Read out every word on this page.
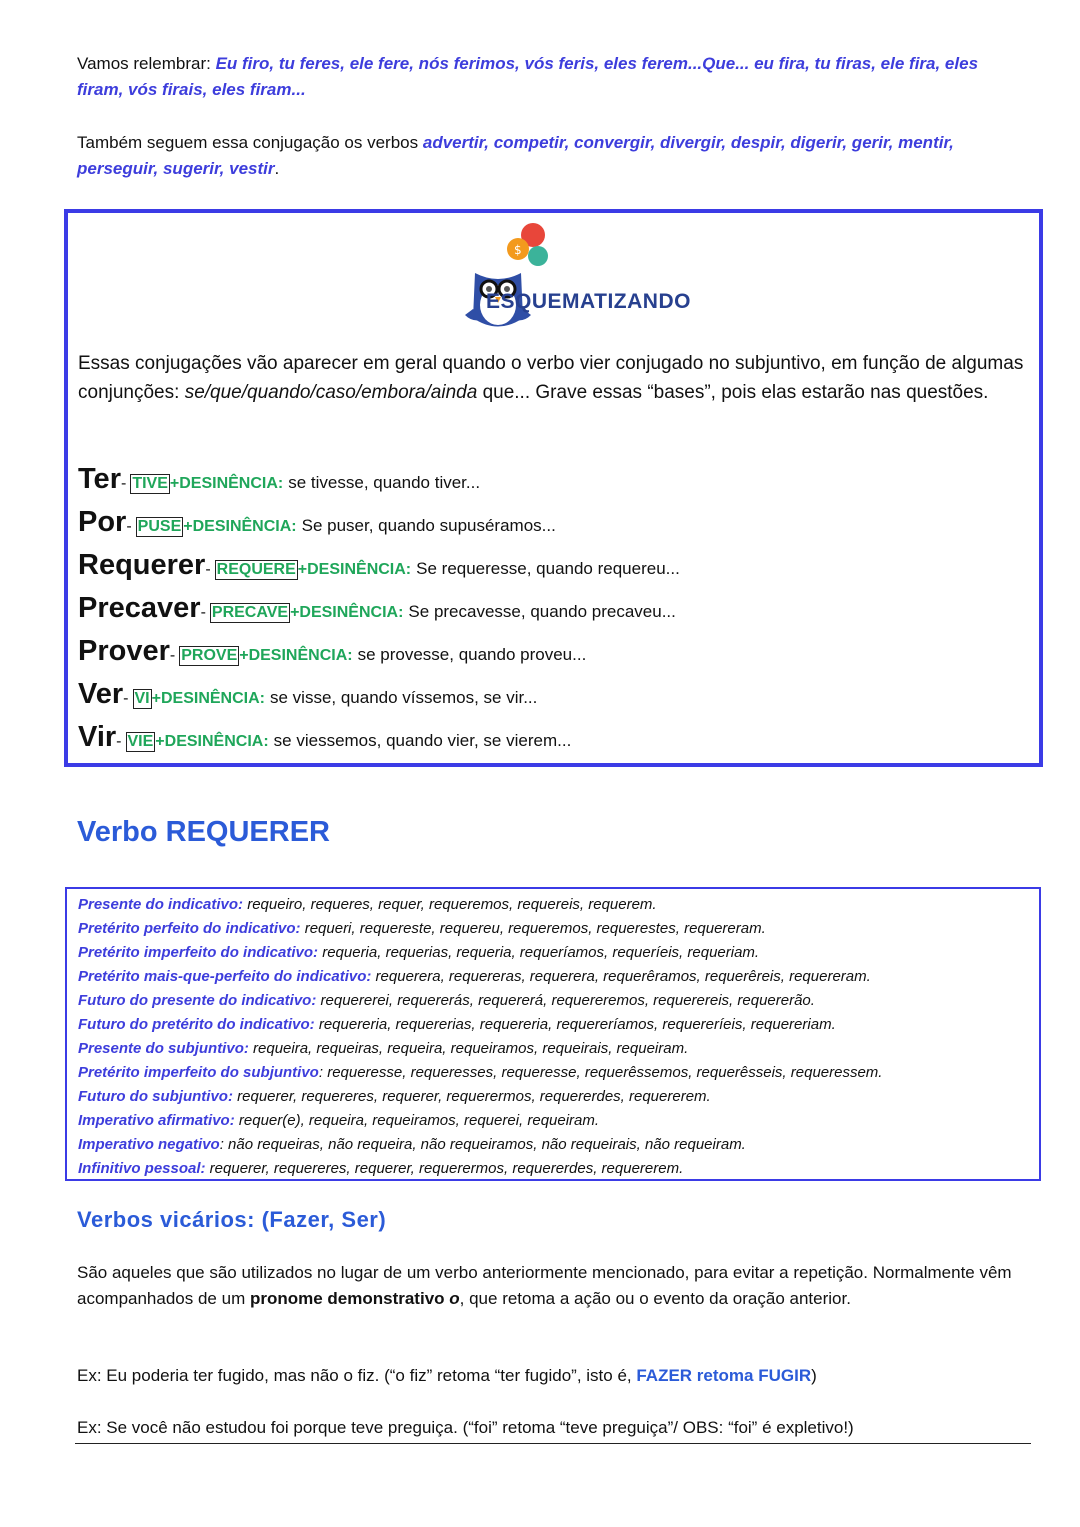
Vamos relembrar: Eu firo, tu feres, ele fere, nós ferimos, vós feris, eles ferem...Que... eu fira, tu firas, ele fira, eles firam, vós firais, eles firam...
Também seguem essa conjugação os verbos advertir, competir, convergir, divergir, despir, digerir, gerir, mentir, perseguir, sugerir, vestir.
$
ESQUEMATIZANDO
Essas conjugações vão aparecer em geral quando o verbo vier conjugado no subjuntivo, em função de algumas conjunções: se/que/quando/caso/embora/ainda que... Grave essas “bases”, pois elas estarão nas questões.
Ter - TIVE +DESINÊNCIA: se tivesse, quando tiver...
Por - PUSE +DESINÊNCIA: Se puser, quando supuséramos...
Requerer - REQUERE +DESINÊNCIA: Se requeresse, quando requereu...
Precaver - PRECAVE +DESINÊNCIA: Se precavesse, quando precaveu...
Prover - PROVE +DESINÊNCIA: se provesse, quando proveu...
Ver - VI +DESINÊNCIA: se visse, quando víssemos, se vir...
Vir - VIE +DESINÊNCIA: se viessemos, quando vier, se vierem...
Verbo REQUERER
Presente do indicativo: requeiro, requeres, requer, requeremos, requereis, requerem.
Pretérito perfeito do indicativo: requeri, requereste, requereu, requeremos, requerestes, requereram.
Pretérito imperfeito do indicativo: requeria, requerias, requeria, requeríamos, requeríeis, requeriam.
Pretérito mais-que-perfeito do indicativo: requerera, requereras, requerera, requerêramos, requerêreis, requereram.
Futuro do presente do indicativo: requererei, requererás, requererá, requereremos, requerereis, requererão.
Futuro do pretérito do indicativo: requereria, requererias, requereria, requereríamos, requereríeis, requereriam.
Presente do subjuntivo: requeira, requeiras, requeira, requeiramos, requeirais, requeiram.
Pretérito imperfeito do subjuntivo: requeresse, requeresses, requeresse, requerêssemos, requerêsseis, requeressem.
Futuro do subjuntivo: requerer, requereres, requerer, requerermos, requererdes, requererem.
Imperativo afirmativo: requer(e), requeira, requeiramos, requerei, requeiram.
Imperativo negativo: não requeiras, não requeira, não requeiramos, não requeirais, não requeiram.
Infinitivo pessoal: requerer, requereres, requerer, requerermos, requererdes, requererem.
Verbos vicários: (Fazer, Ser)
São aqueles que são utilizados no lugar de um verbo anteriormente mencionado, para evitar a repetição. Normalmente vêm acompanhados de um pronome demonstrativo o, que retoma a ação ou o evento da oração anterior.
Ex: Eu poderia ter fugido, mas não o fiz. (“o fiz” retoma “ter fugido”, isto é, FAZER retoma FUGIR)
Ex: Se você não estudou foi porque teve preguiça. (“foi” retoma “teve preguiça”/ OBS: “foi” é expletivo!)
